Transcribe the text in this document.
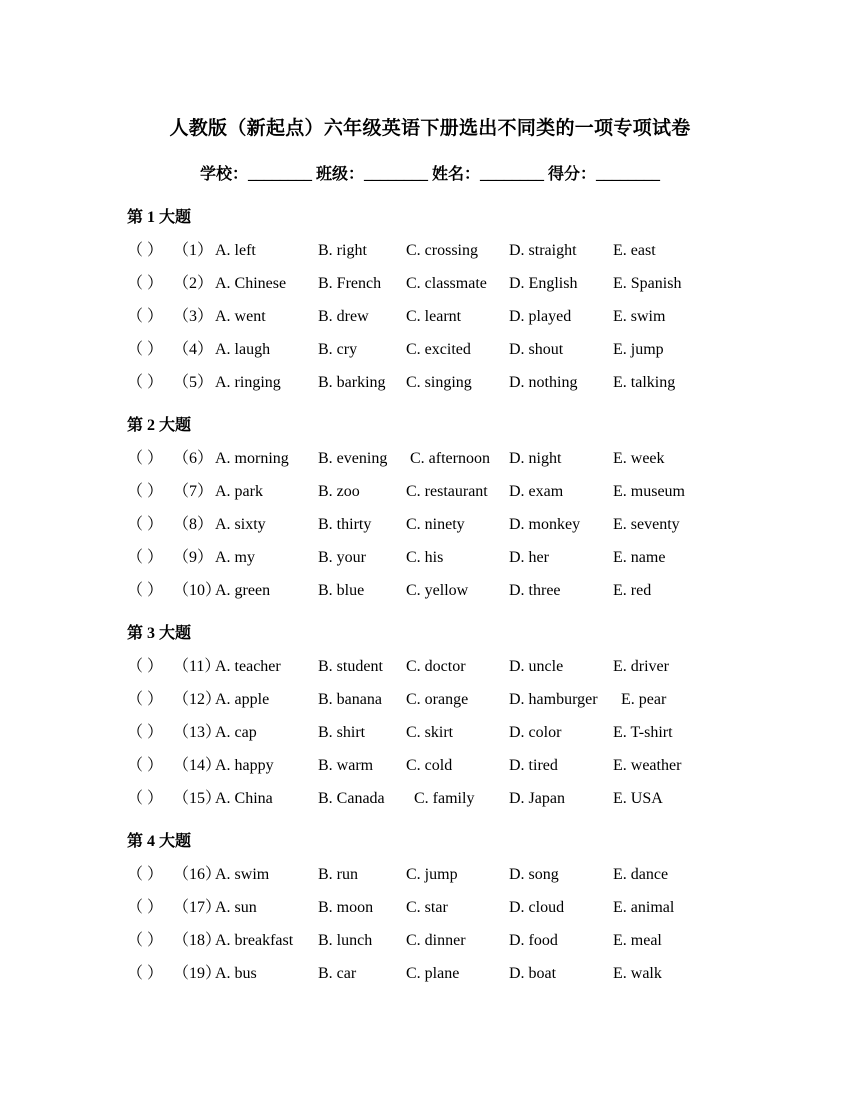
人教版（新起点）六年级英语下册选出不同类的一项专项试卷
学校：________ 班级：________ 姓名：________ 得分：________
第 1 大题
（ ） （1） A. left	B. right C. crossing D. straight E. east
（ ） （2） A. Chinese B. French C. classmate D. English E. Spanish
（ ） （3） A. went	B. drew C. learnt	D. played	E. swim
（ ） （4） A. laugh	B. cry	C. excited D. shout	E. jump
（ ） （5） A. ringing B. barking C. singing D. nothing E. talking
第 2 大题
（ ） （6） A. morning B. evening C. afternoon D. night	E. week
（ ） （7） A. park	B. zoo	C. restaurant D. exam	E. museum
（ ） （8） A. sixty	B. thirty C. ninety	D. monkey E. seventy
（ ） （9） A. my	B. your	C. his	D. her	E. name
（ ） （10）
A. green	B. blue	C. yellow	D. three	E. red
第 3 大题
（ ） （11）
A. teacher B. student C. doctor	D. uncle	E. driver
（ ） （12）
A. apple	B. banana C. orange	D. hamburger E. pear
（ ） （13）
A. cap	B. shirt	C. skirt	D. color	E. T-shirt
（ ） （14）
A. happy	B. warm C. cold	D. tired	E. weather
（ ） （15）
A. China	B. Canada C. family D. Japan	E. USA
第 4 大题
（ ） （16）
A. swim	B. run	C. jump	D. song	E. dance
（ ） （17）
A. sun	B. moon C. star	D. cloud	E. animal
（ ） （18）
A. breakfast B. lunch C. dinner	D. food	E. meal
（ ） （19）
A. bus	B. car	C. plane	D. boat	E. walk
